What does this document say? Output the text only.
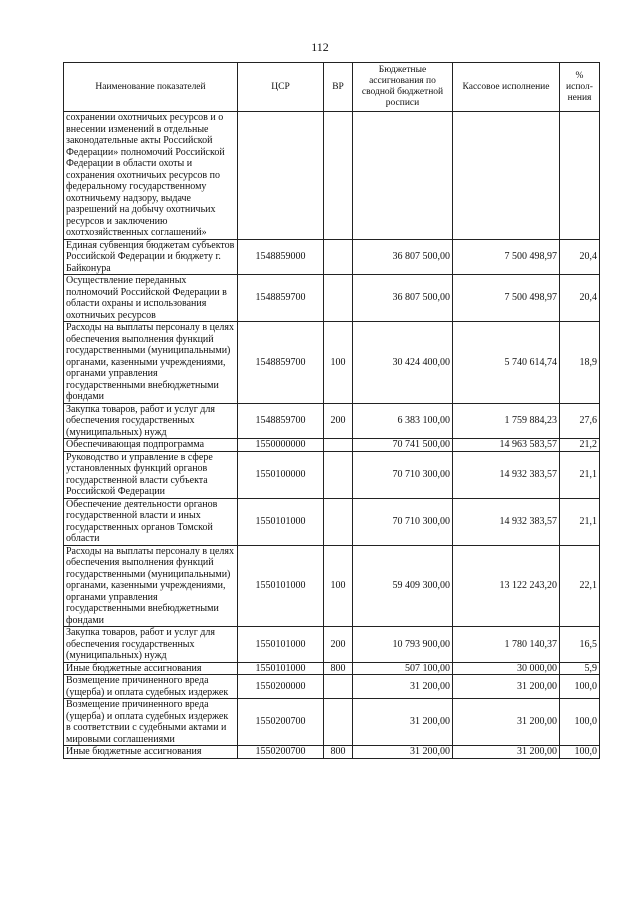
112
Наименование показателей	ЦСР	ВР	Бюджетные ассигнования по сводной бюджетной росписи	Кассовое исполнение	% испол-нения
сохранении охотничьих ресурсов и о внесении изменений в отдельные законодательные акты Российской Федерации» полномочий Российской Федерации в области охоты и сохранения охотничьих ресурсов по федеральному государственному охотничьему надзору, выдаче разрешений на добычу охотничьих ресурсов и заключению охотхозяйственных соглашений»					
Единая субвенция бюджетам субъектов Российской Федерации и бюджету г. Байконура	1548859000		36 807 500,00	7 500 498,97	20,4
Осуществление переданных полномочий Российской Федерации в области охраны и использования охотничьих ресурсов	1548859700		36 807 500,00	7 500 498,97	20,4
Расходы на выплаты персоналу в целях обеспечения выполнения функций государственными (муниципальными) органами, казенными учреждениями, органами управления государственными внебюджетными фондами	1548859700	100	30 424 400,00	5 740 614,74	18,9
Закупка товаров, работ и услуг для обеспечения государственных (муниципальных) нужд	1548859700	200	6 383 100,00	1 759 884,23	27,6
Обеспечивающая подпрограмма	1550000000		70 741 500,00	14 963 583,57	21,2
Руководство и управление в сфере установленных функций органов государственной власти субъекта Российской Федерации	1550100000		70 710 300,00	14 932 383,57	21,1
Обеспечение деятельности органов государственной власти и иных государственных органов Томской области	1550101000		70 710 300,00	14 932 383,57	21,1
Расходы на выплаты персоналу в целях обеспечения выполнения функций государственными (муниципальными) органами, казенными учреждениями, органами управления государственными внебюджетными фондами	1550101000	100	59 409 300,00	13 122 243,20	22,1
Закупка товаров, работ и услуг для обеспечения государственных (муниципальных) нужд	1550101000	200	10 793 900,00	1 780 140,37	16,5
Иные бюджетные ассигнования	1550101000	800	507 100,00	30 000,00	5,9
Возмещение причиненного вреда (ущерба) и оплата судебных издержек	1550200000		31 200,00	31 200,00	100,0
Возмещение причиненного вреда (ущерба) и оплата судебных издержек в соответствии с судебными актами и мировыми соглашениями	1550200700		31 200,00	31 200,00	100,0
Иные бюджетные ассигнования	1550200700	800	31 200,00	31 200,00	100,0
